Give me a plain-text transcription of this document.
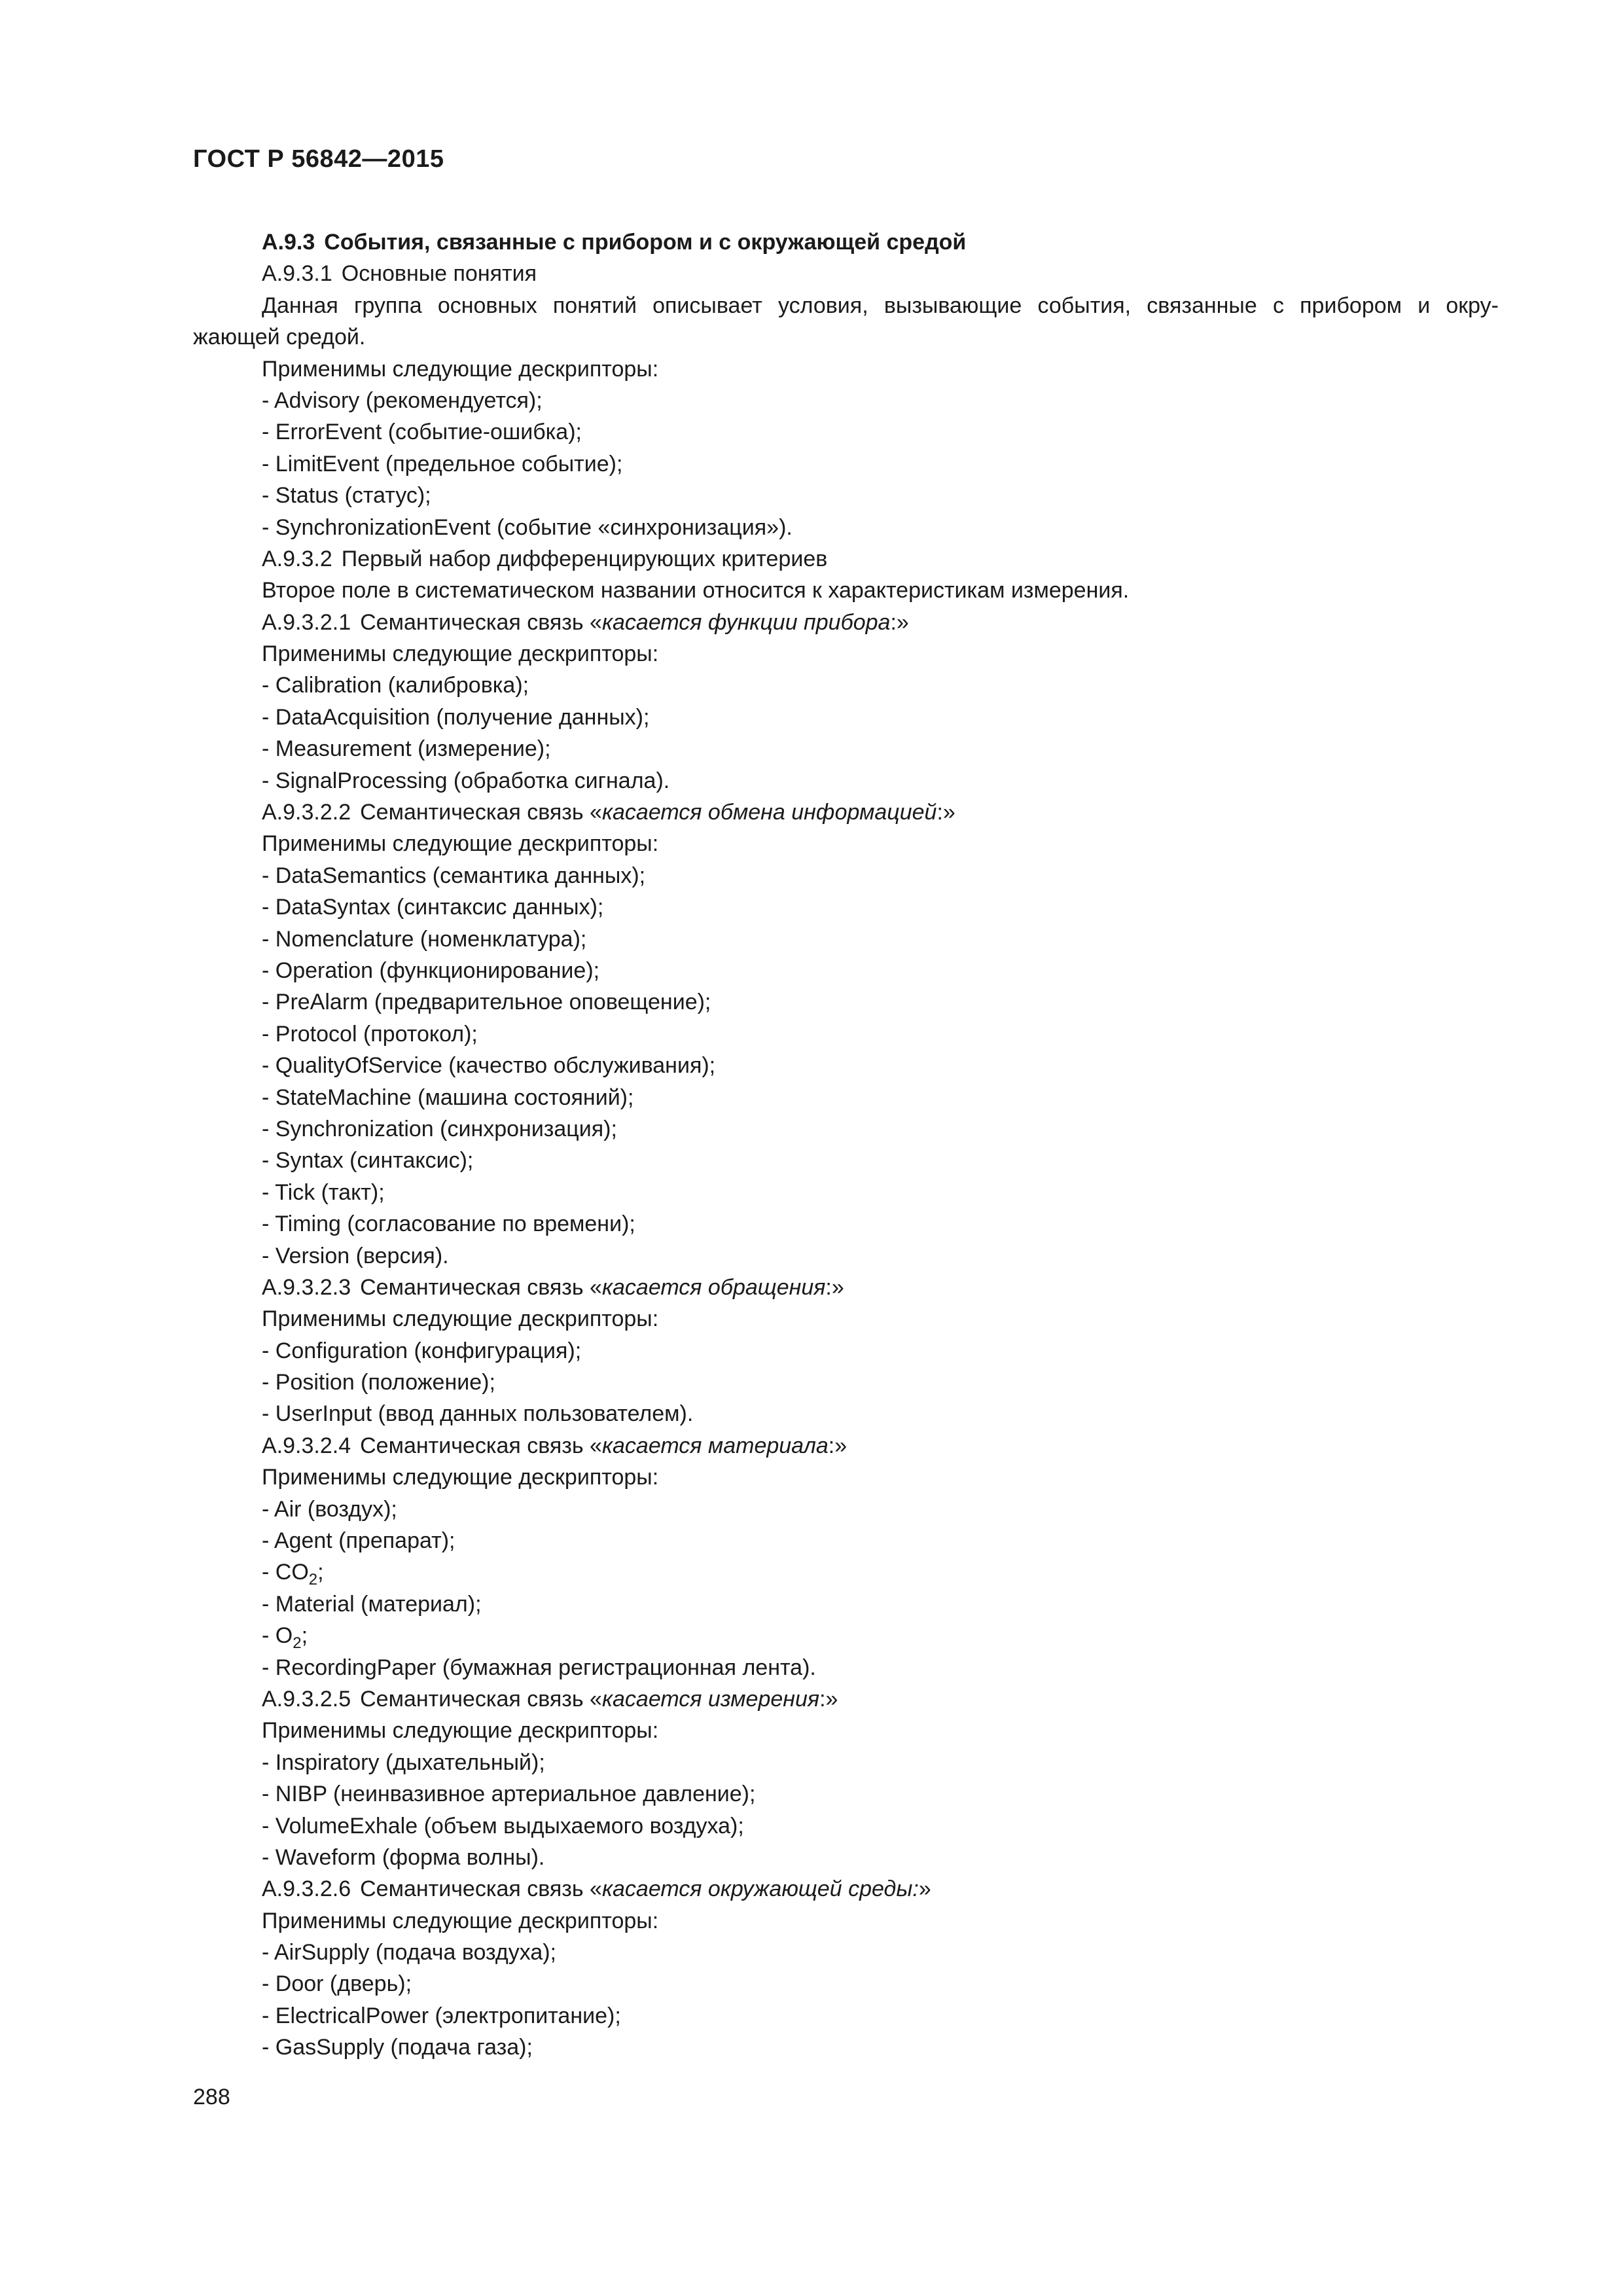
ГОСТ Р 56842—2015
А.9.3 События, связанные с прибором и с окружающей средой
А.9.3.1 Основные понятия
Данная группа основных понятий описывает условия, вызывающие события, связанные с прибором и окру-
жающей средой.
Применимы следующие дескрипторы:
- Advisory (рекомендуется);
- ErrorEvent (событие-ошибка);
- LimitEvent (предельное событие);
- Status (статус);
- SynchronizationEvent (событие «синхронизация»).
А.9.3.2 Первый набор дифференцирующих критериев
Второе поле в систематическом названии относится к характеристикам измерения.
А.9.3.2.1 Семантическая связь «касается функции прибора:»
Применимы следующие дескрипторы:
- Calibration (калибровка);
- DataAcquisition (получение данных);
- Measurement (измерение);
- SignalProcessing (обработка сигнала).
А.9.3.2.2 Семантическая связь «касается обмена информацией:»
Применимы следующие дескрипторы:
- DataSemantics (семантика данных);
- DataSyntax (синтаксис данных);
- Nomenclature (номенклатура);
- Operation (функционирование);
- PreAlarm (предварительное оповещение);
- Protocol (протокол);
- QualityOfService (качество обслуживания);
- StateMachine (машина состояний);
- Synchronization (синхронизация);
- Syntax (синтаксис);
- Tick (такт);
- Timing (согласование по времени);
- Version (версия).
А.9.3.2.3 Семантическая связь «касается обращения:»
Применимы следующие дескрипторы:
- Configuration (конфигурация);
- Position (положение);
- UserInput (ввод данных пользователем).
А.9.3.2.4 Семантическая связь «касается материала:»
Применимы следующие дескрипторы:
- Air (воздух);
- Agent (препарат);
- $CO_2$;
- Material (материал);
- $O_2$;
- RecordingPaper (бумажная регистрационная лента).
А.9.3.2.5 Семантическая связь «касается измерения:»
Применимы следующие дескрипторы:
- Inspiratory (дыхательный);
- NIBP (неинвазивное артериальное давление);
- VolumeExhale (объем выдыхаемого воздуха);
- Waveform (форма волны).
А.9.3.2.6 Семантическая связь «касается окружающей среды:»
Применимы следующие дескрипторы:
- AirSupply (подача воздуха);
- Door (дверь);
- ElectricalPower (электропитание);
- GasSupply (подача газа);
288
